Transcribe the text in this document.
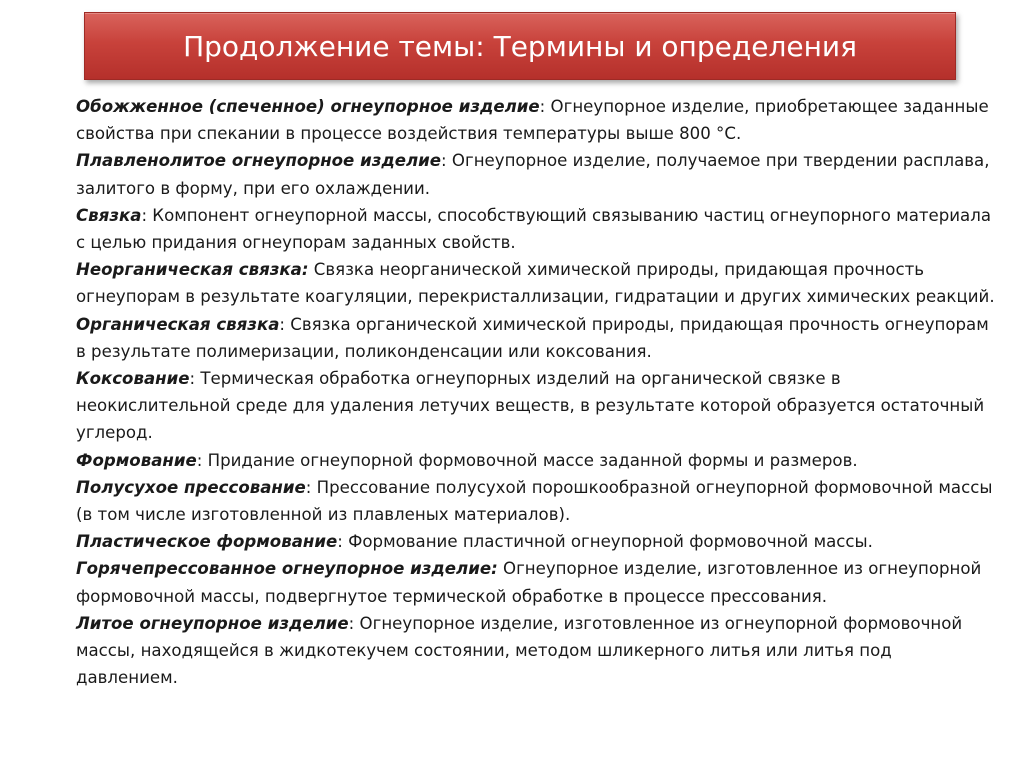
Продолжение темы: Термины и определения

Обожженное (спеченное) огнеупорное изделие: Огнеупорное изделие, приобретающее заданные свойства при спекании в процессе воздействия температуры выше 800 °С.

Плавленолитое огнеупорное изделие: Огнеупорное изделие, получаемое при твердении расплава, залитого в форму, при его охлаждении.

Связка: Компонент огнеупорной массы, способствующий связыванию частиц огнеупорного материала с целью придания огнеупорам заданных свойств.

Неорганическая связка: Связка неорганической химической природы, придающая прочность огнеупорам в результате коагуляции, перекристаллизации, гидратации и других химических реакций.

Органическая связка: Связка органической химической природы, придающая прочность огнеупорам в результате полимеризации, поликонденсации или коксования.

Коксование: Термическая обработка огнеупорных изделий на органической связке в неокислительной среде для удаления летучих веществ, в результате которой образуется остаточный углерод.

Формование: Придание огнеупорной формовочной массе заданной формы и размеров.

Полусухое прессование: Прессование полусухой порошкообразной огнеупорной формовочной массы (в том числе изготовленной из плавленых материалов).

Пластическое формование: Формование пластичной огнеупорной формовочной массы.

Горячепрессованное огнеупорное изделие: Огнеупорное изделие, изготовленное из огнеупорной формовочной массы, подвергнутое термической обработке в процессе прессования.

Литое огнеупорное изделие: Огнеупорное изделие, изготовленное из огнеупорной формовочной массы, находящейся в жидкотекучем состоянии, методом шликерного литья или литья под давлением.
